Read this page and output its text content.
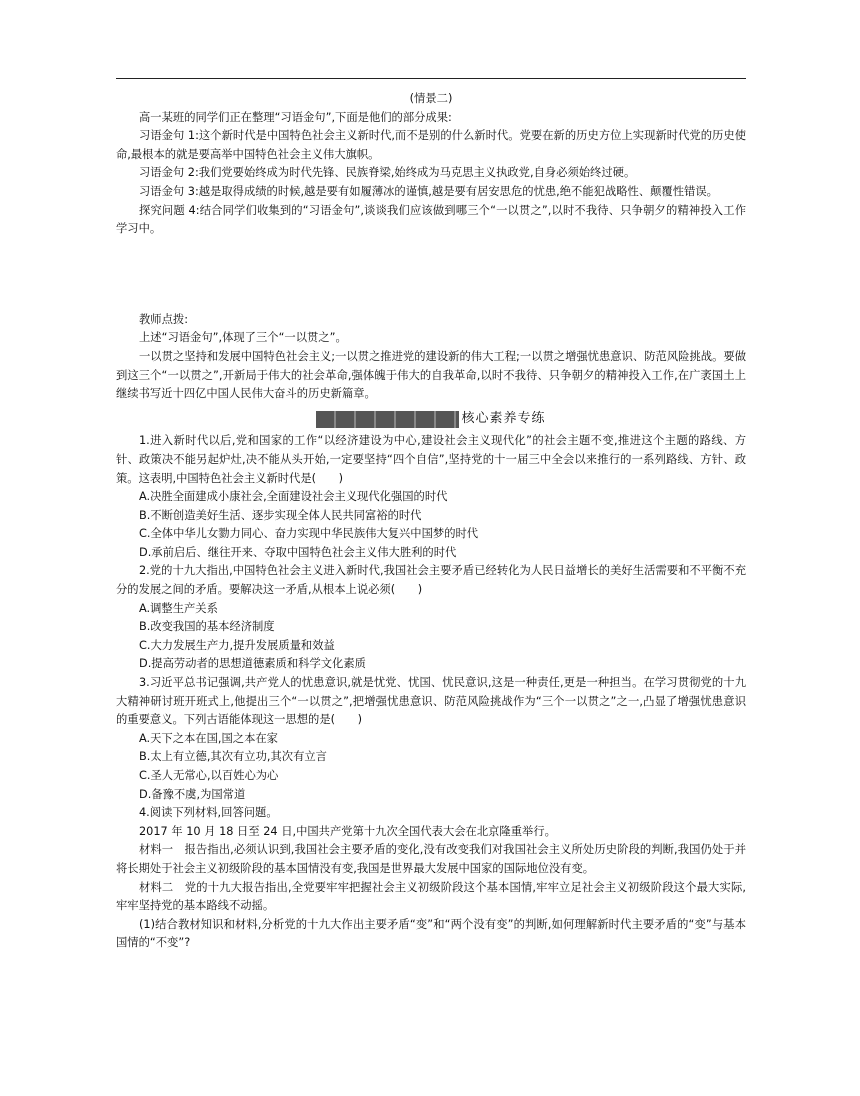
(情景二)

高一某班的同学们正在整理“习语金句”,下面是他们的部分成果:

习语金句 1:这个新时代是中国特色社会主义新时代,而不是别的什么新时代。党要在新的历史方位上实现新时代党的历史使命,最根本的就是要高举中国特色社会主义伟大旗帜。

习语金句 2:我们党要始终成为时代先锋、民族脊梁,始终成为马克思主义执政党,自身必须始终过硬。

习语金句 3:越是取得成绩的时候,越是要有如履薄冰的谨慎,越是要有居安思危的忧患,绝不能犯战略性、颠覆性错误。

探究问题 4:结合同学们收集到的“习语金句”,谈谈我们应该做到哪三个“一以贯之”,以时不我待、只争朝夕的精神投入工作学习中。

教师点拨:

上述“习语金句”,体现了三个“一以贯之”。

一以贯之坚持和发展中国特色社会主义;一以贯之推进党的建设新的伟大工程;一以贯之增强忧患意识、防范风险挑战。要做到这三个“一以贯之”,开新局于伟大的社会革命,强体魄于伟大的自我革命,以时不我待、只争朝夕的精神投入工作,在广袤国土上继续书写近十四亿中国人民伟大奋斗的历史新篇章。

核心素养专练

1.进入新时代以后,党和国家的工作“以经济建设为中心,建设社会主义现代化”的社会主题不变,推进这个主题的路线、方针、政策决不能另起炉灶,决不能从头开始,一定要坚持“四个自信”,坚持党的十一届三中全会以来推行的一系列路线、方针、政策。这表明,中国特色社会主义新时代是(　　)

A.决胜全面建成小康社会,全面建设社会主义现代化强国的时代

B.不断创造美好生活、逐步实现全体人民共同富裕的时代

C.全体中华儿女勠力同心、奋力实现中华民族伟大复兴中国梦的时代

D.承前启后、继往开来、夺取中国特色社会主义伟大胜利的时代

2.党的十九大指出,中国特色社会主义进入新时代,我国社会主要矛盾已经转化为人民日益增长的美好生活需要和不平衡不充分的发展之间的矛盾。要解决这一矛盾,从根本上说必须(　　)

A.调整生产关系

B.改变我国的基本经济制度

C.大力发展生产力,提升发展质量和效益

D.提高劳动者的思想道德素质和科学文化素质

3.习近平总书记强调,共产党人的忧患意识,就是忧党、忧国、忧民意识,这是一种责任,更是一种担当。在学习贯彻党的十九大精神研讨班开班式上,他提出三个“一以贯之”,把增强忧患意识、防范风险挑战作为“三个一以贯之”之一,凸显了增强忧患意识的重要意义。下列古语能体现这一思想的是(　　)

A.天下之本在国,国之本在家

B.太上有立德,其次有立功,其次有立言

C.圣人无常心,以百姓心为心

D.备豫不虞,为国常道

4.阅读下列材料,回答问题。

2017 年 10 月 18 日至 24 日,中国共产党第十九次全国代表大会在北京隆重举行。

材料一　报告指出,必须认识到,我国社会主要矛盾的变化,没有改变我们对我国社会主义所处历史阶段的判断,我国仍处于并将长期处于社会主义初级阶段的基本国情没有变,我国是世界最大发展中国家的国际地位没有变。

材料二　党的十九大报告指出,全党要牢牢把握社会主义初级阶段这个基本国情,牢牢立足社会主义初级阶段这个最大实际,牢牢坚持党的基本路线不动摇。

(1)结合教材知识和材料,分析党的十九大作出主要矛盾“变”和“两个没有变”的判断,如何理解新时代主要矛盾的“变”与基本国情的“不变”?
